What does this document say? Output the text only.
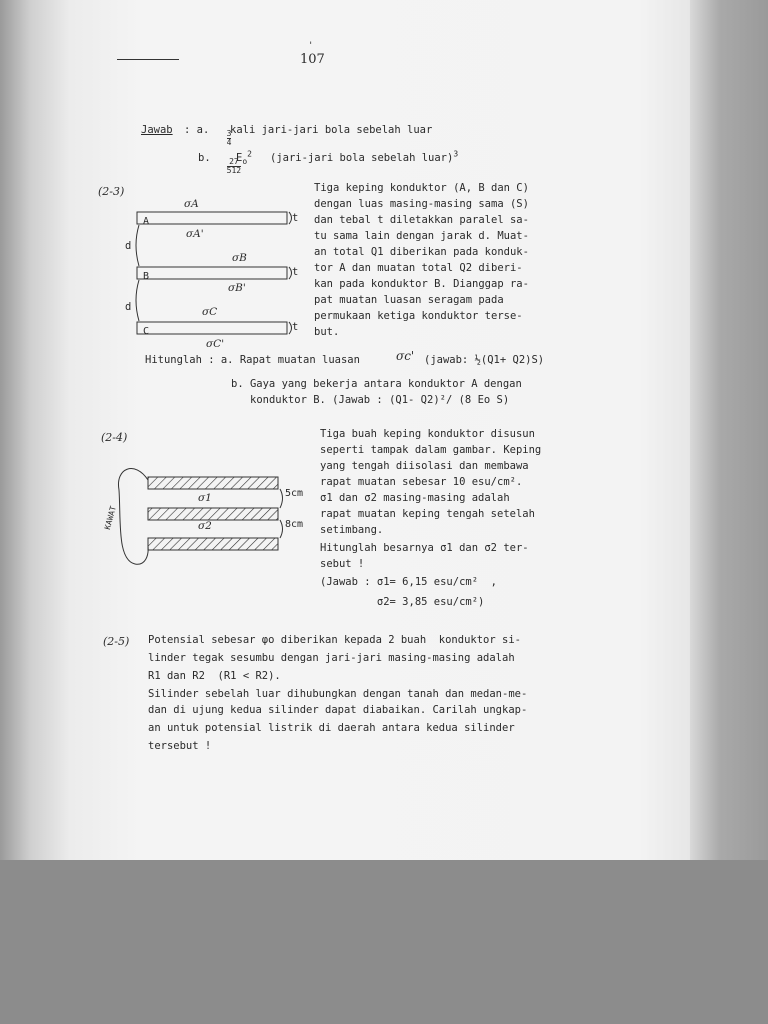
107
'
Jawab : a.

$\frac{3}{4}$

kali jari-jari bola sebelah luar
b.

$\frac{27}{512}$

$E_o^2$ (jari-jari bola sebelah luar)$^3$
(2-3)	Tiga keping konduktor (A, B dan C)
dengan luas masing-masing sama (S)
dan tebal t diletakkan paralel sa-
tu sama lain dengan jarak d. Muat-
an total Q1 diberikan pada konduk-
tor A dan muatan total Q2 diberi-
kan pada konduktor B. Dianggap ra-
pat muatan luasan seragam pada
permukaan ketiga konduktor terse-
but.
A
B
C
σA
σA'
σB
σB'
σC
σC'
t
t
t
d
d
Hitunglah : a. Rapat muatan luasan	σc' (jawab: ½(Q1+ Q2)S)
b. Gaya yang bekerja antara konduktor A dengan
konduktor B. (Jawab : (Q1- Q2)²/ (8 Eo S)
(2-4)	Tiga buah keping konduktor disusun
seperti tampak dalam gambar. Keping
yang tengah diisolasi dan membawa
rapat muatan sebesar 10 esu/cm².
σ1 dan σ2 masing-masing adalah
rapat muatan keping tengah setelah
setimbang.
Hitunglah besarnya σ1 dan σ2 ter-
sebut !
(Jawab : σ1= 6,15 esu/cm²  ,
σ2= 3,85 esu/cm²)
KAWAT
5cm
8cm
σ1
σ2
(2-5) Potensial sebesar φo diberikan kepada 2 buah  konduktor si-
linder tegak sesumbu dengan jari-jari masing-masing adalah
R1 dan R2  (R1 < R2).
Silinder sebelah luar dihubungkan dengan tanah dan medan-me-
dan di ujung kedua silinder dapat diabaikan. Carilah ungkap-
an untuk potensial listrik di daerah antara kedua silinder
tersebut !
